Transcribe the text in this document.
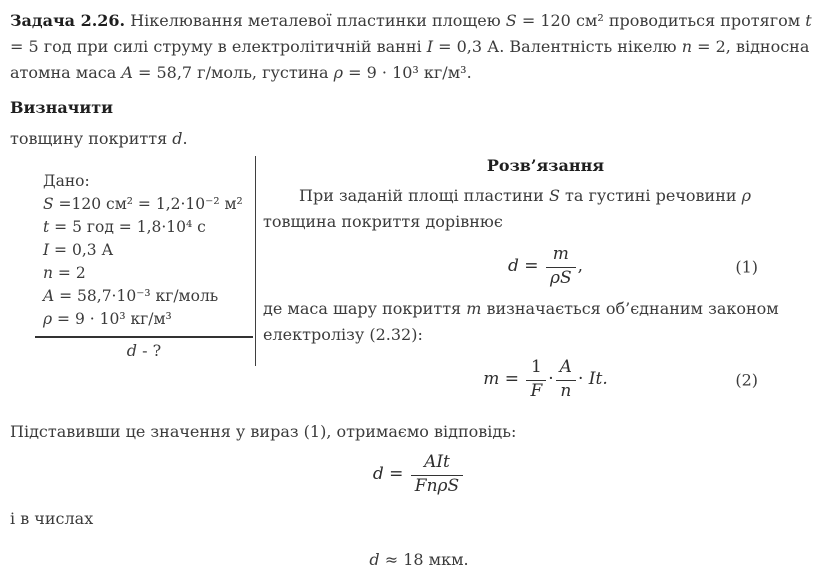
Задача 2.26. Нікелювання металевої пластинки площею S = 120 см² проводиться протягом t = 5 год при силі струму в електролітичній ванні I = 0,3 А. Валентність нікелю n = 2, відносна атомна маса A = 58,7 г/моль, густина ρ = 9 · 10³ кг/м³.

Визначити

товщину покриття d.

Дано:
S =120 см² = 1,2·10⁻² м²
t = 5 год = 1,8·10⁴ с
I = 0,3 А
n = 2
A = 58,7·10⁻³ кг/моль
ρ = 9 · 10³ кг/м³
d - ?

Розв’язання

При заданій площі пластини S та густині речовини ρ товщина покриття дорівнює

$d = \frac{m}{\rho S}$ ,	(1)

де маса шару покриття m визначається об’єднаним законом електролізу (2.32):

$m = \frac{1}{F} \cdot \frac{A}{n} \cdot It$.	(2)

Підставивши це значення у вираз (1), отримаємо відповідь:

$d = \frac{\text{AIt}}{\text{FnρS}}$

і в числах

d ≈ 18 мкм.
